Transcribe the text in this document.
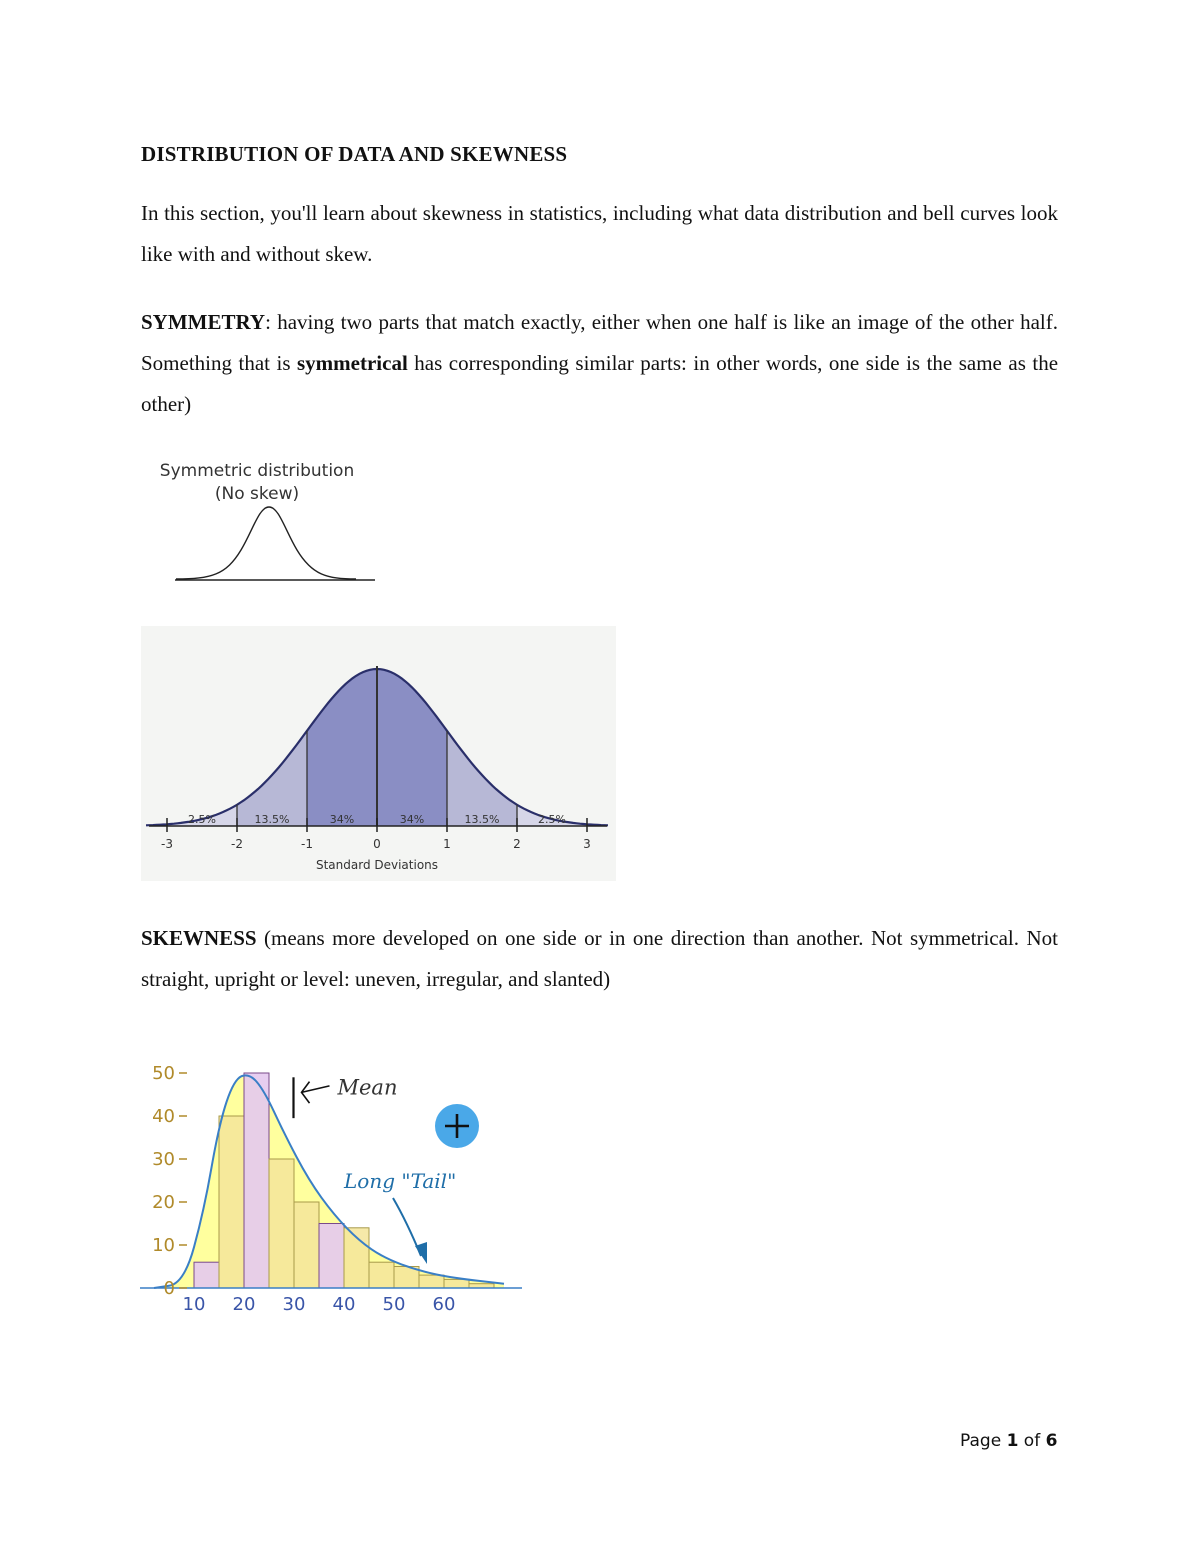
DISTRIBUTION OF DATA AND SKEWNESS

In this section, you'll learn about skewness in statistics, including what data distribution and bell curves look like with and without skew.

SYMMETRY: having two parts that match exactly, either when one half is like an image of the other half. Something that is symmetrical has corresponding similar parts: in other words, one side is the same as the other)

Symmetric distribution
(No skew)
-3	-2	-1	0	1	2	3
2.5%	13.5%	34%	34%	13.5%	2.5%
Standard Deviations

SKEWNESS (means more developed on one side or in one direction than another. Not symmetrical. Not straight, upright or level: uneven, irregular, and slanted)

0
10
20
30
40
50
10 20 30 40 50 60
Mean
Long "Tail"

Page 1 of 6
